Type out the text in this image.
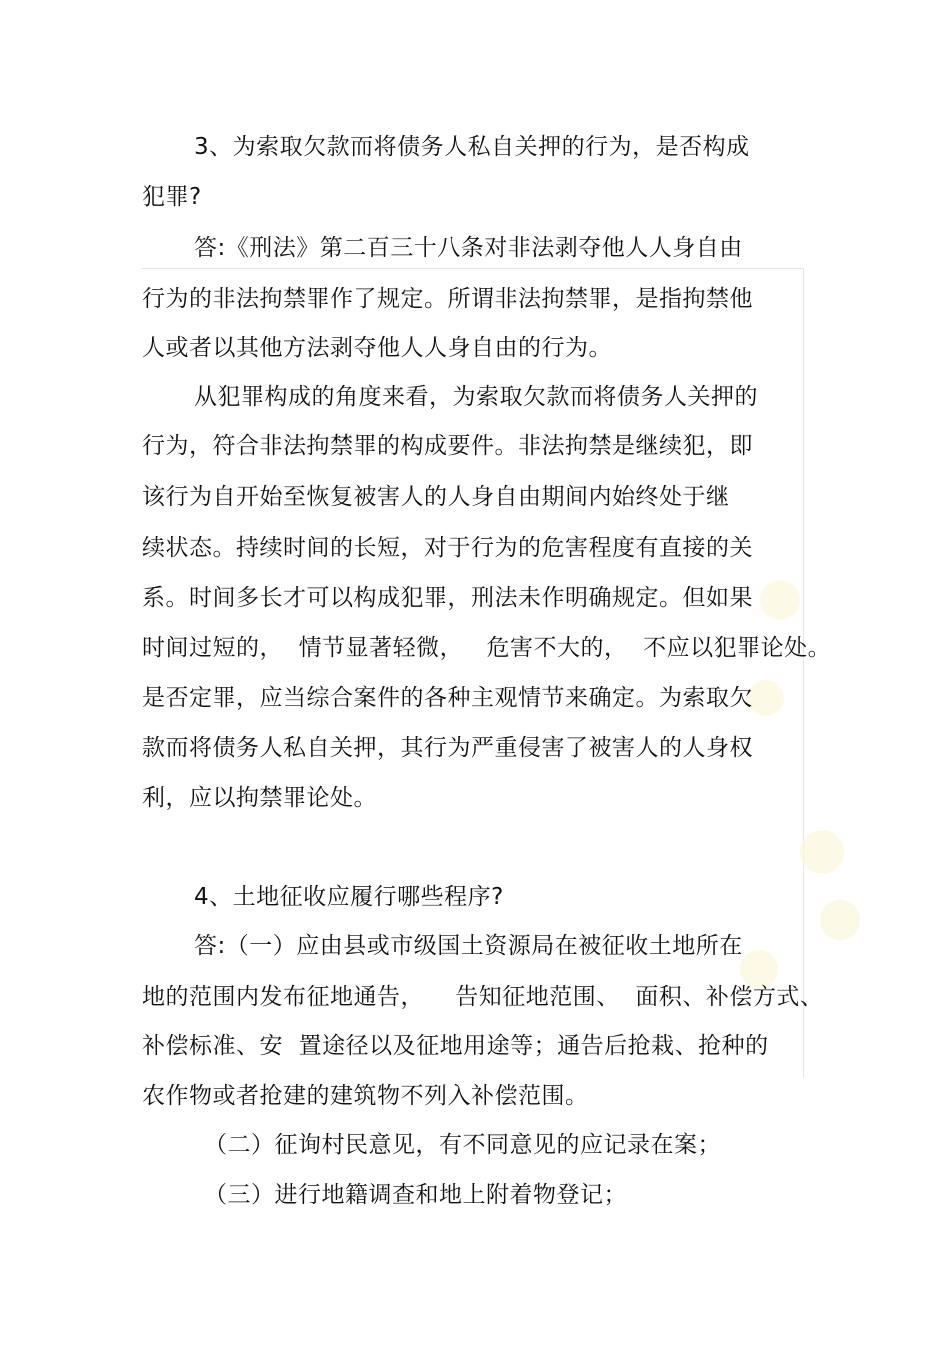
3、为索取欠款而将债务人私自关押的行为，是否构成
犯罪?
答:《刑法》第二百三十八条对非法剥夺他人人身自由
行为的非法拘禁罪作了规定。所谓非法拘禁罪，是指拘禁他
人或者以其他方法剥夺他人人身自由的行为。
从犯罪构成的角度来看，为索取欠款而将债务人关押的
行为，符合非法拘禁罪的构成要件。非法拘禁是继续犯，即
该行为自开始至恢复被害人的人身自由期间内始终处于继
续状态。持续时间的长短，对于行为的危害程度有直接的关
系。时间多长才可以构成犯罪，刑法未作明确规定。但如果
时间过短的，  情节显著轻微，   危害不大的，  不应以犯罪论处。
是否定罪，应当综合案件的各种主观情节来确定。为索取欠
款而将债务人私自关押，其行为严重侵害了被害人的人身权
利，应以拘禁罪论处。
4、土地征收应履行哪些程序?
答:（一）应由县或市级国土资源局在被征收土地所在
地的范围内发布征地通告，    告知征地范围、  面积、补偿方式、
补偿标准、安  置途径以及征地用途等；通告后抢栽、抢种的
农作物或者抢建的建筑物不列入补偿范围。
（二）征询村民意见，有不同意见的应记录在案；
（三）进行地籍调查和地上附着物登记；
